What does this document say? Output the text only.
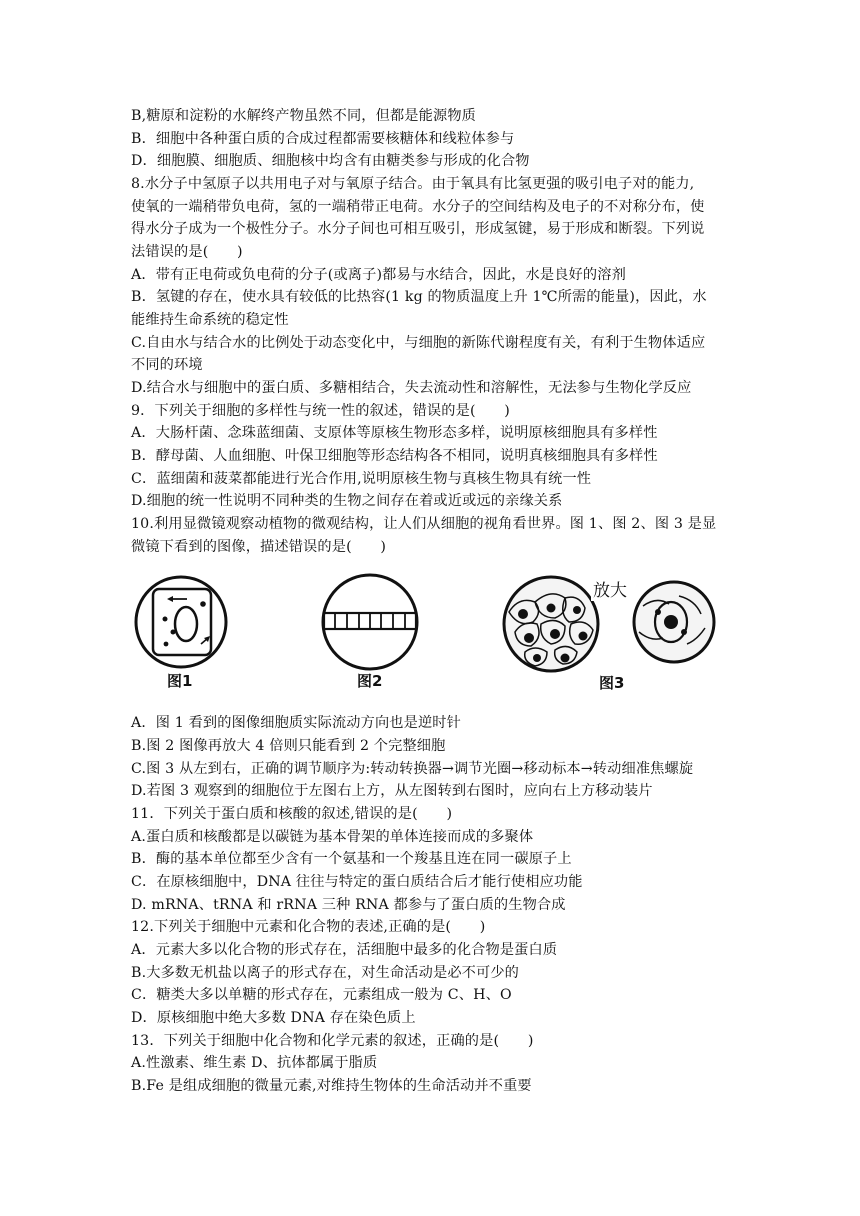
B,糖原和淀粉的水解终产物虽然不同，但都是能源物质
B．细胞中各种蛋白质的合成过程都需要核糖体和线粒体参与
D．细胞膜、细胞质、细胞核中均含有由糖类参与形成的化合物
8.水分子中氢原子以共用电子对与氧原子结合。由于氧具有比氢更强的吸引电子对的能力,
使氧的一端稍带负电荷，氢的一端稍带正电荷。水分子的空间结构及电子的不对称分布，使
得水分子成为一个极性分子。水分子间也可相互吸引，形成氢键，易于形成和断裂。下列说
法错误的是(　　)
A．带有正电荷或负电荷的分子(或离子)都易与水结合，因此，水是良好的溶剂
B．氢键的存在，使水具有较低的比热容(1 kg 的物质温度上升 1℃所需的能量)，因此，水
能维持生命系统的稳定性
C.自由水与结合水的比例处于动态变化中，与细胞的新陈代谢程度有关，有利于生物体适应
不同的环境
D.结合水与细胞中的蛋白质、多糖相结合，失去流动性和溶解性，无法参与生物化学反应
9．下列关于细胞的多样性与统一性的叙述，错误的是(　　)
A．大肠杆菌、念珠蓝细菌、支原体等原核生物形态多样，说明原核细胞具有多样性
B．酵母菌、人血细胞、叶保卫细胞等形态结构各不相同，说明真核细胞具有多样性
C．蓝细菌和菠菜都能进行光合作用,说明原核生物与真核生物具有统一性
D.细胞的统一性说明不同种类的生物之间存在着或近或远的亲缘关系
10.利用显微镜观察动植物的微观结构，让人们从细胞的视角看世界。图 1、图 2、图 3 是显
微镜下看到的图像，描述错误的是(　　)
图1	图2	图3
放大
A．图 1 看到的图像细胞质实际流动方向也是逆时针
B.图 2 图像再放大 4 倍则只能看到 2 个完整细胞
C.图 3 从左到右，正确的调节顺序为:转动转换器→调节光圈→移动标本→转动细准焦螺旋
D.若图 3 观察到的细胞位于左图右上方，从左图转到右图时，应向右上方移动装片
11．下列关于蛋白质和核酸的叙述,错误的是(　　)
A.蛋白质和核酸都是以碳链为基本骨架的单体连接而成的多聚体
B．酶的基本单位都至少含有一个氨基和一个羧基且连在同一碳原子上
C．在原核细胞中，DNA 往往与特定的蛋白质结合后才能行使相应功能
D. mRNA、tRNA 和 rRNA 三种 RNA 都参与了蛋白质的生物合成
12.下列关于细胞中元素和化合物的表述,正确的是(　　)
A．元素大多以化合物的形式存在，活细胞中最多的化合物是蛋白质
B.大多数无机盐以离子的形式存在，对生命活动是必不可少的
C．糖类大多以单糖的形式存在，元素组成一般为 C、H、O
D．原核细胞中绝大多数 DNA 存在染色质上
13．下列关于细胞中化合物和化学元素的叙述，正确的是(　　)
A.性激素、维生素 D、抗体都属于脂质
B.Fe 是组成细胞的微量元素,对维持生物体的生命活动并不重要
